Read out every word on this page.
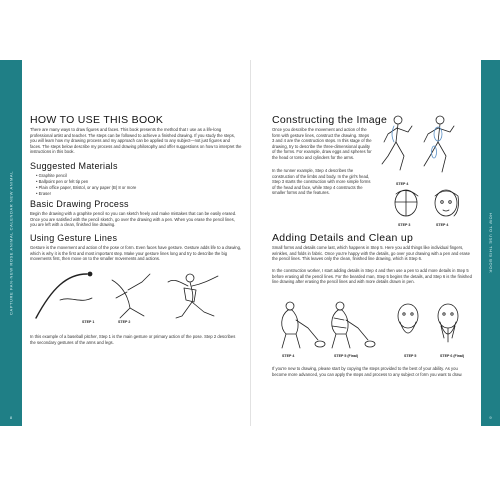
CAPTURE FAN-NEW ROSE ANIMAL CALENDAR NEW ANIMAL
8
HOW TO USE THIS BOOK
9
HOW TO USE THIS BOOK

There are many ways to draw figures and faces. This book presents the method that I use as a life-long professional artist and teacher. The steps can be followed to achieve a finished drawing. If you study the steps, you will learn how my drawing process and my approach can be applied to any subject—not just figures and faces. The steps below describe my process and drawing philosophy and offer suggestions on how to interpret the instructions in this book.

Suggested Materials
• Graphite pencil
• Ballpoint pen or felt tip pen
• Plain office paper, Bristol, or any paper (B) 8 or more
• Eraser
Basic Drawing Process

Begin the drawing with a graphite pencil so you can sketch freely and make mistakes that can be easily erased. Once you are satisfied with the pencil sketch, go over the drawing with a pen. When you erase the pencil lines, you are left with a clean, finished line drawing.

Using Gesture Lines

Gesture is the movement and action of the pose or form. Even faces have gesture. Gesture adds life to a drawing, which is why it is the first and most important step. Make your gesture lines long and try to describe the big movements first, then move on to the smaller movements and actions.

STEP 1	STEP 2

In this example of a baseball pitcher, Step 1 is the main gesture or primary action of the pose. Step 2 describes the secondary gestures of the arms and legs.

Constructing the Image

Once you describe the movement and action of the form with gesture lines, construct the drawing. Steps 3 and 4 are the construction steps. In this stage of the drawing, try to describe the three-dimensional quality of the forms. For example, draw eggs and spheres for the head or torso and cylinders for the arms.

In the runner example, Step 4 describes the construction of the limbs and body. In the girl's head, Step 3 starts the construction with more simple forms of the head and face, while Step 4 constructs the smaller forms and the features.

STEP 4
STEP 3	STEP 4
Adding Details and Clean up

Small forms and details come last, which happens in Step 5. Here you add things like individual fingers, wrinkles, and folds in fabric. Once you're happy with the details, go over your drawing with a pen and erase the pencil lines. This leaves only the clean, finished line drawing, which is Step 6.

In the construction worker, I start adding details in Step 4 and then use a pen to add more details in Step 5 before erasing all the pencil lines. For the bearded man, Step 5 begins the details, and Step 6 is the finished line drawing after erasing the pencil lines and with more details drawn in pen.

STEP 4	STEP 5 (Final)	STEP 5	STEP 6 (Final)

If you're new to drawing, please start by copying the steps provided to the best of your ability. As you become more advanced, you can apply the steps and process to any subject or form you want to draw.
